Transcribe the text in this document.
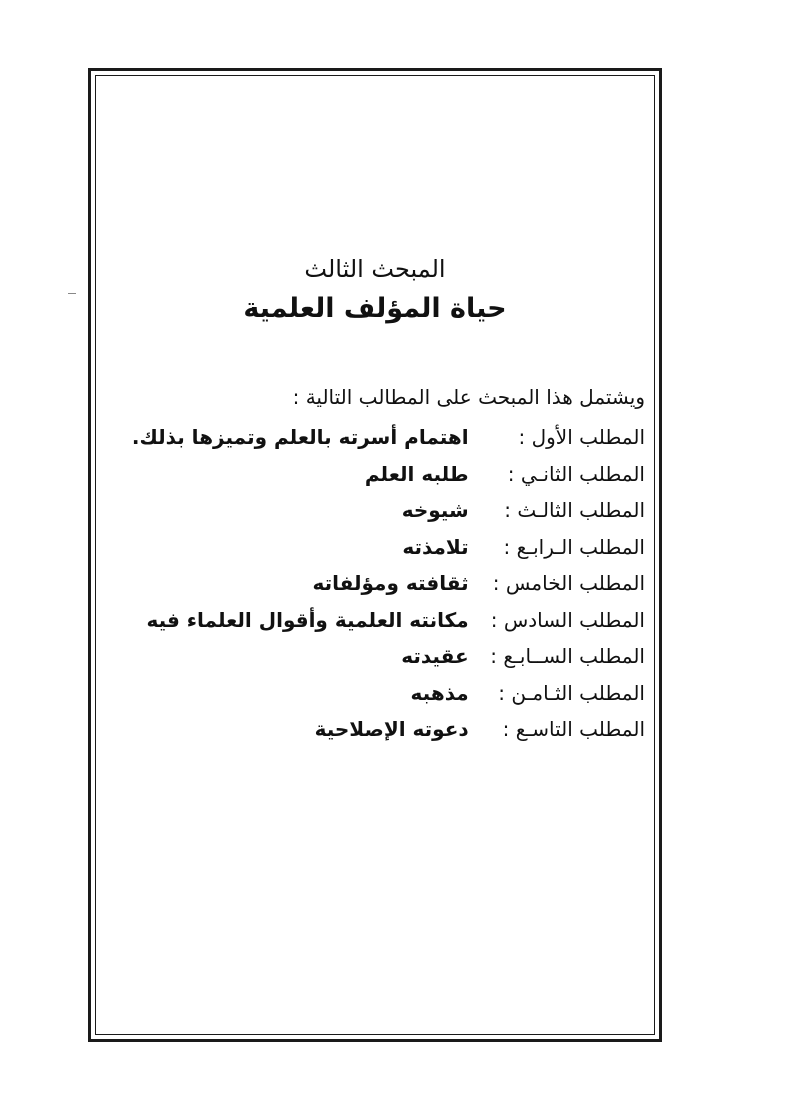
المبحث الثالث
حياة المؤلف العلمية
ويشتمل هذا المبحث على المطالب التالية :
المطلب الأول : اهتمام أسرته بالعلم وتميزها بذلك.
المطلب الثانـي : طلبه العلم
المطلب الثالـث : شيوخه
المطلب الـرابـع : تلامذته
المطلب الخامس : ثقافته ومؤلفاته
المطلب السادس : مكانته العلمية وأقوال العلماء فيه
المطلب الســابـع : عقيدته
المطلب الثـامـن : مذهبه
المطلب التاسـع : دعوته الإصلاحية
